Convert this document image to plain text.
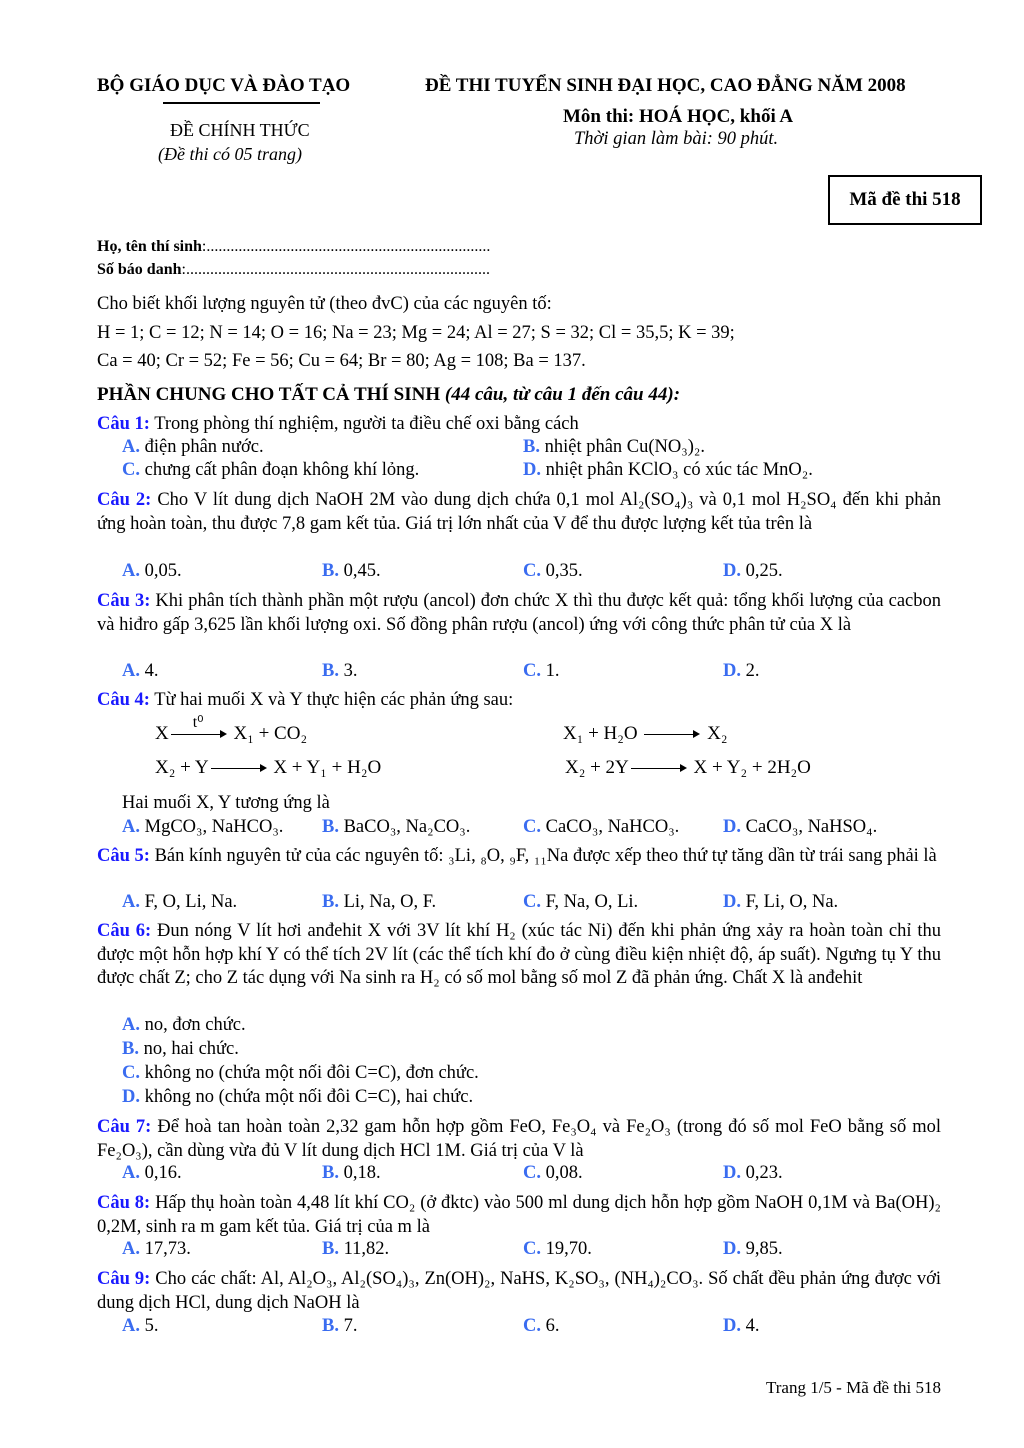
BỘ GIÁO DỤC VÀ ĐÀO TẠO
ĐỀ CHÍNH THỨC
(Đề thi có 05 trang)
ĐỀ THI TUYỂN SINH ĐẠI HỌC, CAO ĐẲNG NĂM 2008
Môn thi: HOÁ HỌC, khối A
Thời gian làm bài: 90 phút.
Mã đề thi 518
Họ, tên thí sinh:.......................................................................
Số báo danh:............................................................................
Cho biết khối lượng nguyên tử (theo đvC) của các nguyên tố:
H = 1; C = 12; N = 14; O = 16; Na = 23; Mg = 24; Al = 27; S = 32; Cl = 35,5; K = 39;
Ca = 40; Cr = 52; Fe = 56; Cu = 64; Br = 80; Ag = 108; Ba = 137.
PHẦN CHUNG CHO TẤT CẢ THÍ SINH (44 câu, từ câu 1 đến câu 44):
Câu 1: Trong phòng thí nghiệm, người ta điều chế oxi bằng cách
A. điện phân nước.	B. nhiệt phân Cu(NO₃)₂.
C. chưng cất phân đoạn không khí lỏng.	D. nhiệt phân KClO₃ có xúc tác MnO₂.
Câu 2: Cho V lít dung dịch NaOH 2M vào dung dịch chứa 0,1 mol Al₂(SO₄)₃ và 0,1 mol H₂SO₄ đến khi phản ứng hoàn toàn, thu được 7,8 gam kết tủa. Giá trị lớn nhất của V để thu được lượng kết tủa trên là
A. 0,05.	B. 0,45.	C. 0,35.	D. 0,25.
Câu 3: Khi phân tích thành phần một rượu (ancol) đơn chức X thì thu được kết quả: tổng khối lượng của cacbon và hiđro gấp 3,625 lần khối lượng oxi. Số đồng phân rượu (ancol) ứng với công thức phân tử của X là
A. 4.	B. 3.	C. 1.	D. 2.
Câu 4: Từ hai muối X và Y thực hiện các phản ứng sau:
X
t⁰
X₁ + CO₂	X₁ + H₂O	X₂
X₂ + Y	X + Y₁ + H₂O	X₂ + 2Y	X + Y₂ + 2H₂O
Hai muối X, Y tương ứng là
A. MgCO₃, NaHCO₃. B. BaCO₃, Na₂CO₃.	C. CaCO₃, NaHCO₃. D. CaCO₃, NaHSO₄.
Câu 5: Bán kính nguyên tử của các nguyên tố: ₃Li, ₈O, ₉F, ₁₁Na được xếp theo thứ tự tăng dần từ trái sang phải là
A. F, O, Li, Na.	B. Li, Na, O, F.	C. F, Na, O, Li.	D. F, Li, O, Na.
Câu 6: Đun nóng V lít hơi anđehit X với 3V lít khí H₂ (xúc tác Ni) đến khi phản ứng xảy ra hoàn toàn chỉ thu được một hỗn hợp khí Y có thể tích 2V lít (các thể tích khí đo ở cùng điều kiện nhiệt độ, áp suất). Ngưng tụ Y thu được chất Z; cho Z tác dụng với Na sinh ra H₂ có số mol bằng số mol Z đã phản ứng. Chất X là anđehit
A. no, đơn chức.
B. no, hai chức.
C. không no (chứa một nối đôi C=C), đơn chức.
D. không no (chứa một nối đôi C=C), hai chức.
Câu 7: Để hoà tan hoàn toàn 2,32 gam hỗn hợp gồm FeO, Fe₃O₄ và Fe₂O₃ (trong đó số mol FeO bằng số mol Fe₂O₃), cần dùng vừa đủ V lít dung dịch HCl 1M. Giá trị của V là
A. 0,16.	B. 0,18.	C. 0,08.	D. 0,23.
Câu 8: Hấp thụ hoàn toàn 4,48 lít khí CO₂ (ở đktc) vào 500 ml dung dịch hỗn hợp gồm NaOH 0,1M và Ba(OH)₂ 0,2M, sinh ra m gam kết tủa. Giá trị của m là
A. 17,73.	B. 11,82.	C. 19,70.	D. 9,85.
Câu 9: Cho các chất: Al, Al₂O₃, Al₂(SO₄)₃, Zn(OH)₂, NaHS, K₂SO₃, (NH₄)₂CO₃. Số chất đều phản ứng được với dung dịch HCl, dung dịch NaOH là
A. 5.	B. 7.	C. 6.	D. 4.
Trang 1/5 - Mã đề thi 518
